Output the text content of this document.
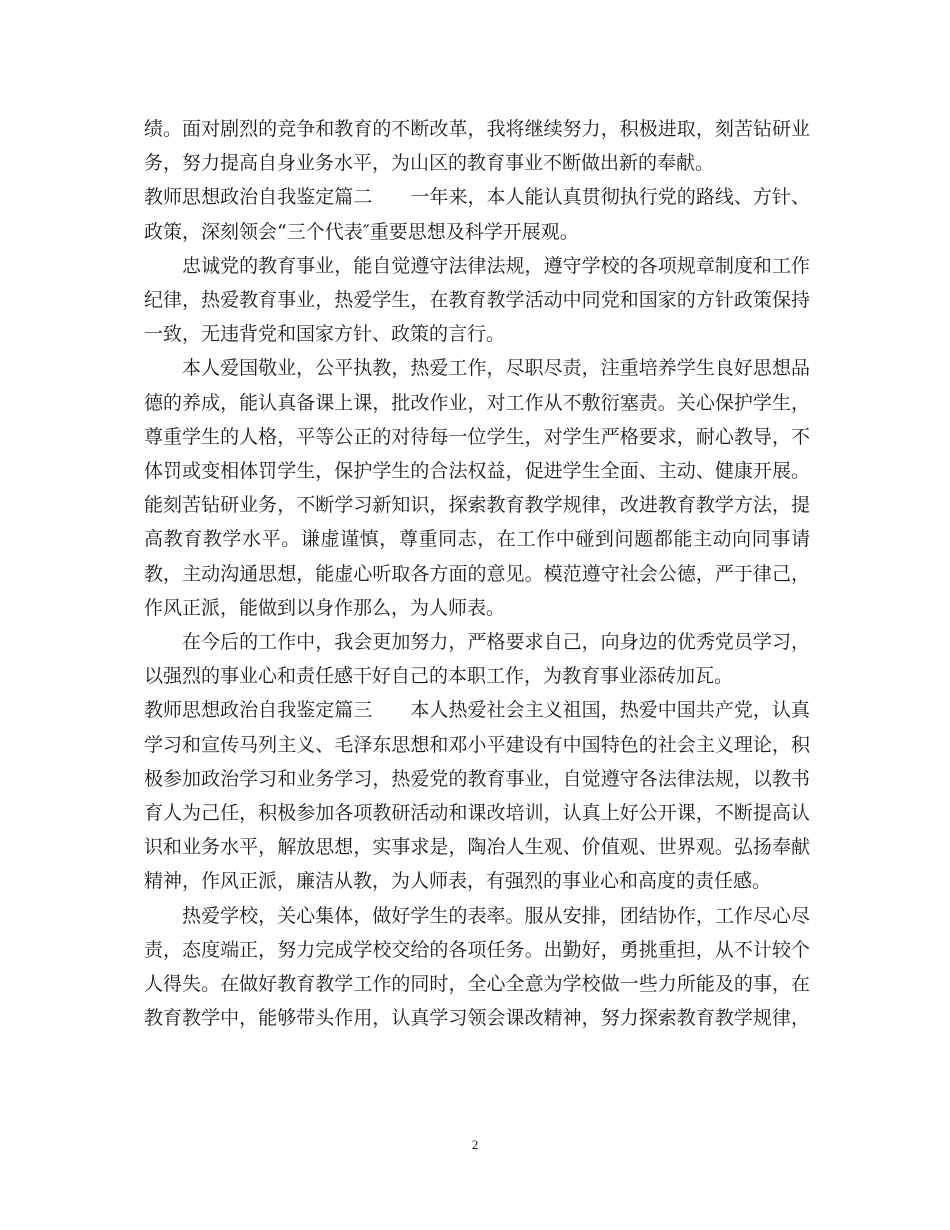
绩。面对剧烈的竞争和教育的不断改革，我将继续努力，积极进取，刻苦钻研业
务，努力提高自身业务水平，为山区的教育事业不断做出新的奉献。
教师思想政治自我鉴定篇二　　一年来，本人能认真贯彻执行党的路线、方针、
政策，深刻领会“三个代表″重要思想及科学开展观。
忠诚党的教育事业，能自觉遵守法律法规，遵守学校的各项规章制度和工作
纪律，热爱教育事业，热爱学生，在教育教学活动中同党和国家的方针政策保持
一致，无违背党和国家方针、政策的言行。
本人爱国敬业，公平执教，热爱工作，尽职尽责，注重培养学生良好思想品
德的养成，能认真备课上课，批改作业，对工作从不敷衍塞责。关心保护学生，
尊重学生的人格，平等公正的对待每一位学生，对学生严格要求，耐心教导，不
体罚或变相体罚学生，保护学生的合法权益，促进学生全面、主动、健康开展。
能刻苦钻研业务，不断学习新知识，探索教育教学规律，改进教育教学方法，提
高教育教学水平。谦虚谨慎，尊重同志，在工作中碰到问题都能主动向同事请
教，主动沟通思想，能虚心听取各方面的意见。模范遵守社会公德，严于律己，
作风正派，能做到以身作那么，为人师表。
在今后的工作中，我会更加努力，严格要求自己，向身边的优秀党员学习，
以强烈的事业心和责任感干好自己的本职工作，为教育事业添砖加瓦。
教师思想政治自我鉴定篇三　　本人热爱社会主义祖国，热爱中国共产党，认真
学习和宣传马列主义、毛泽东思想和邓小平建设有中国特色的社会主义理论，积
极参加政治学习和业务学习，热爱党的教育事业，自觉遵守各法律法规，以教书
育人为己任，积极参加各项教研活动和课改培训，认真上好公开课，不断提高认
识和业务水平，解放思想，实事求是，陶冶人生观、价值观、世界观。弘扬奉献
精神，作风正派，廉洁从教，为人师表，有强烈的事业心和高度的责任感。
热爱学校，关心集体，做好学生的表率。服从安排，团结协作，工作尽心尽
责，态度端正，努力完成学校交给的各项任务。出勤好，勇挑重担，从不计较个
人得失。在做好教育教学工作的同时，全心全意为学校做一些力所能及的事，在
教育教学中，能够带头作用，认真学习领会课改精神，努力探索教育教学规律，
2
